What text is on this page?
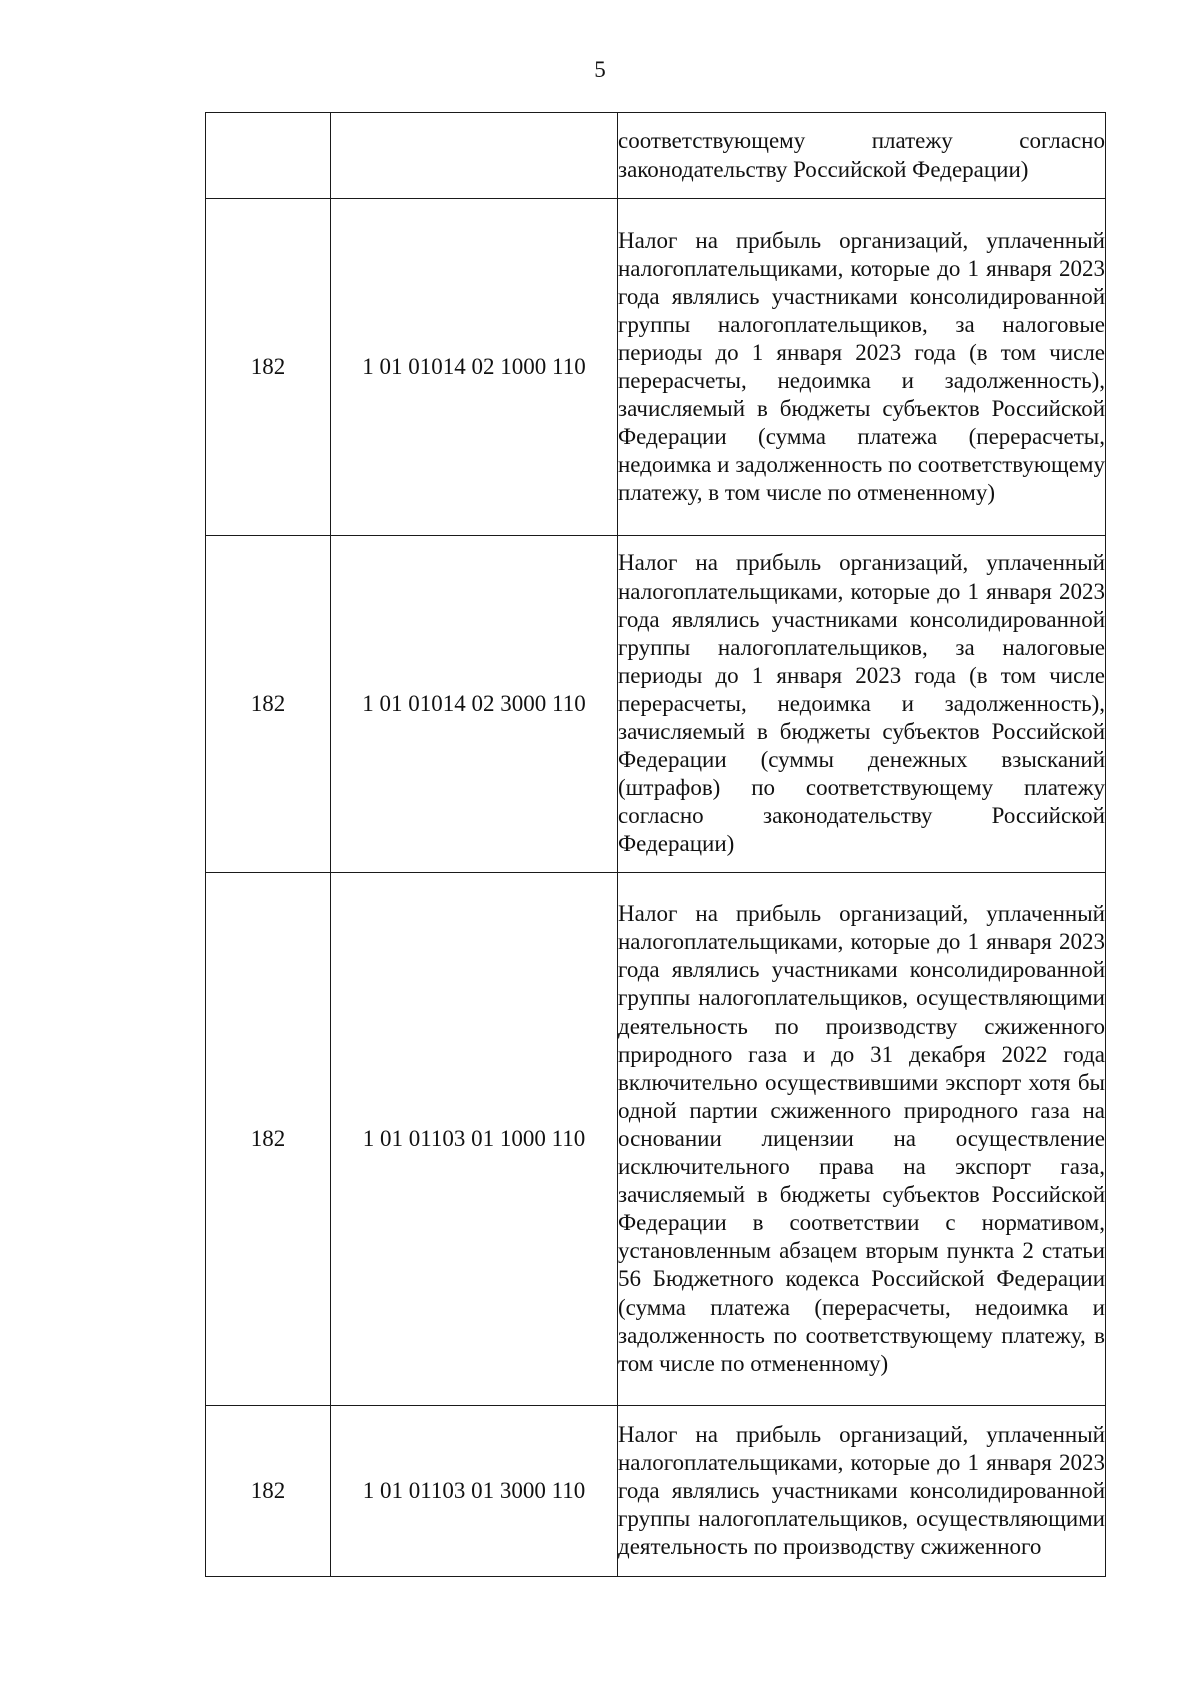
5

		соответствующему платежу согласно законодательству Российской Федерации)

182	1 01 01014 02 1000 110	Налог на прибыль организаций, уплаченный налогоплательщиками, которые до 1 января 2023 года являлись участниками консолидированной группы налогоплательщиков, за налоговые периоды до 1 января 2023 года (в том числе перерасчеты, недоимка и задолженность), зачисляемый в бюджеты субъектов Российской Федерации (сумма платежа (перерасчеты, недоимка и задолженность по соответствующему платежу, в том числе по отмененному)

182	1 01 01014 02 3000 110	Налог на прибыль организаций, уплаченный налогоплательщиками, которые до 1 января 2023 года являлись участниками консолидированной группы налогоплательщиков, за налоговые периоды до 1 января 2023 года (в том числе перерасчеты, недоимка и задолженность), зачисляемый в бюджеты субъектов Российской Федерации (суммы денежных взысканий (штрафов) по соответствующему платежу согласно законодательству Российской Федерации)

182	1 01 01103 01 1000 110	Налог на прибыль организаций, уплаченный налогоплательщиками, которые до 1 января 2023 года являлись участниками консолидированной группы налогоплательщиков, осуществляющими деятельность по производству сжиженного природного газа и до 31 декабря 2022 года включительно осуществившими экспорт хотя бы одной партии сжиженного природного газа на основании лицензии на осуществление исключительного права на экспорт газа, зачисляемый в бюджеты субъектов Российской Федерации в соответствии с нормативом, установленным абзацем вторым пункта 2 статьи 56 Бюджетного кодекса Российской Федерации (сумма платежа (перерасчеты, недоимка и задолженность по соответствующему платежу, в том числе по отмененному)

182	1 01 01103 01 3000 110	Налог на прибыль организаций, уплаченный налогоплательщиками, которые до 1 января 2023 года являлись участниками консолидированной группы налогоплательщиков, осуществляющими деятельность по производству сжиженного
